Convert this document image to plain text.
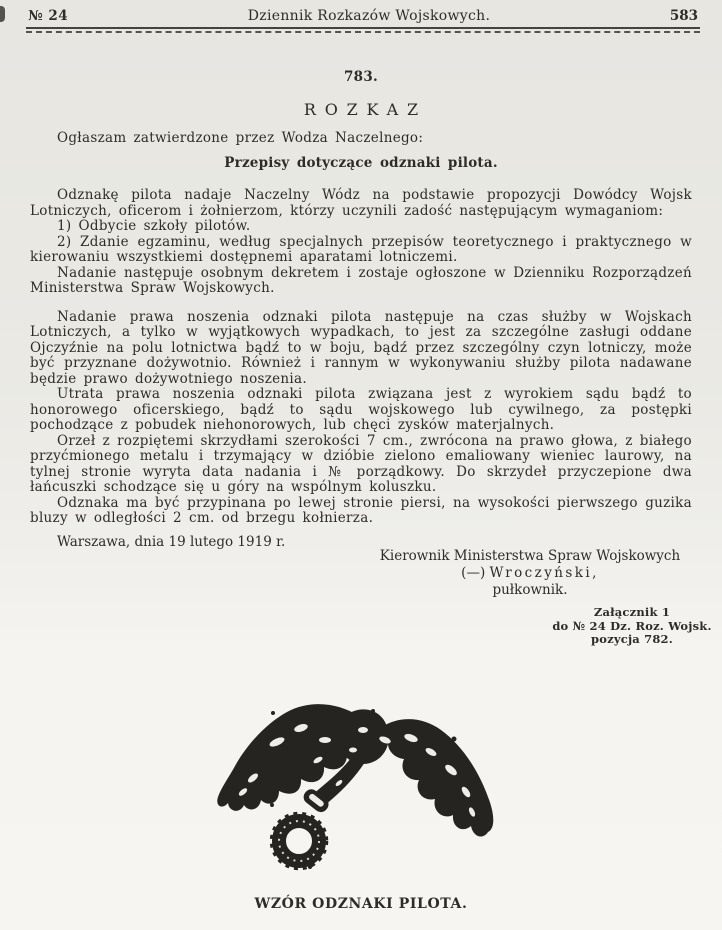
№ 24	Dziennik Rozkazów Wojskowych.	583
783.
ROZKAZ
Ogłaszam zatwierdzone przez Wodza Naczelnego:
Przepisy dotyczące odznaki pilota.
Odznakę pilota nadaje Naczelny Wódz na podstawie propozycji Dowódcy Wojsk Lotniczych, oficerom i żołnierzom, którzy uczynili zadość następującym wymaganiom:
1) Odbycie szkoły pilotów.
2) Zdanie egzaminu, według specjalnych przepisów teoretycznego i praktycznego w kierowaniu wszystkiemi dostępnemi aparatami lotniczemi.
Nadanie następuje osobnym dekretem i zostaje ogłoszone w Dzienniku Rozporządzeń Ministerstwa Spraw Wojskowych.
Nadanie prawa noszenia odznaki pilota następuje na czas służby w Wojskach Lotniczych, a tylko w wyjątkowych wypadkach, to jest za szczególne zasługi oddane Ojczyźnie na polu lotnictwa bądź to w boju, bądź przez szczególny czyn lotniczy, może być przyznane dożywotnio. Również i rannym w wykonywaniu służby pilota nadawane będzie prawo dożywotniego noszenia.
Utrata prawa noszenia odznaki pilota związana jest z wyrokiem sądu bądź to honorowego oficerskiego, bądź to sądu wojskowego lub cywilnego, za postępki pochodzące z pobudek niehonorowych, lub chęci zysków materjalnych.
Orzeł z rozpiętemi skrzydłami szerokości 7 cm., zwrócona na prawo głowa, z białego przyćmionego metalu i trzymający w dzióbie zielono emaliowany wieniec laurowy, na tylnej stronie wyryta data nadania i № porządkowy. Do skrzydeł przyczepione dwa łańcuszki schodzące się u góry na wspólnym koluszku.
Odznaka ma być przypinana po lewej stronie piersi, na wysokości pierwszego guzika bluzy w odległości 2 cm. od brzegu kołnierza.
Warszawa, dnia 19 lutego 1919 r.
Kierownik Ministerstwa Spraw Wojskowych
(—) Wroczyński,
pułkownik.
Załącznik 1
do № 24 Dz. Roz. Wojsk.
pozycja 782.
WZÓR ODZNAKI PILOTA.
